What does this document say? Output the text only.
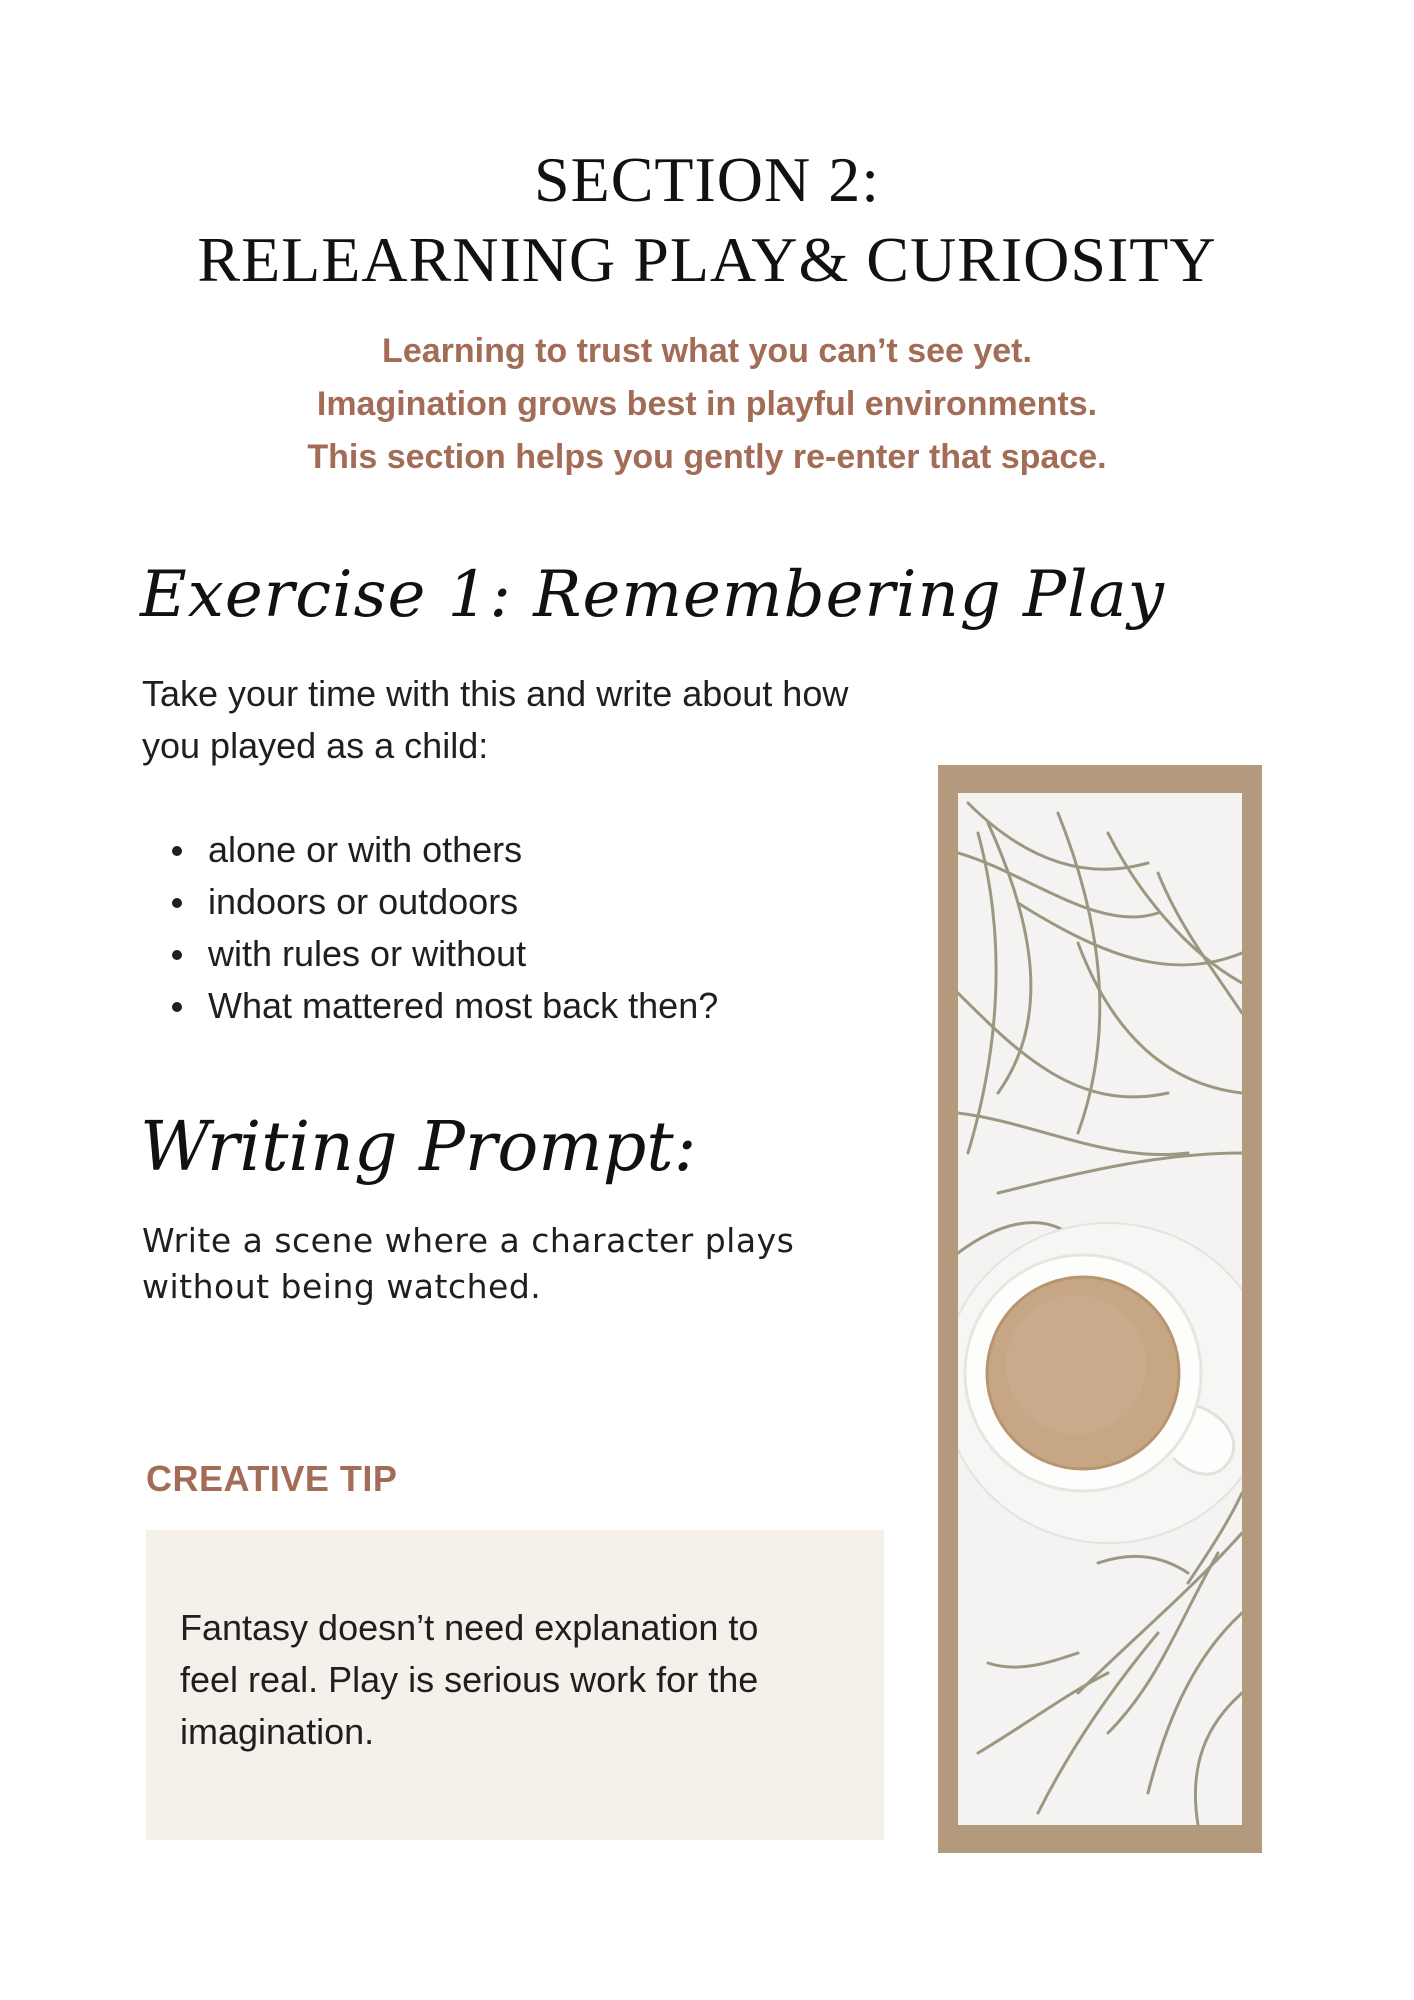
SECTION 2:
RELEARNING PLAY& CURIOSITY
Learning to trust what you can’t see yet.
Imagination grows best in playful environments.
This section helps you gently re-enter that space.
Exercise 1: Remembering Play
Take your time with this and write about how
you played as a child:
alone or with others
indoors or outdoors
with rules or without
What mattered most back then?
Writing Prompt:
Write a scene where a character plays
without being watched.
CREATIVE TIP
Fantasy doesn’t need explanation to
feel real. Play is serious work for the
imagination.
